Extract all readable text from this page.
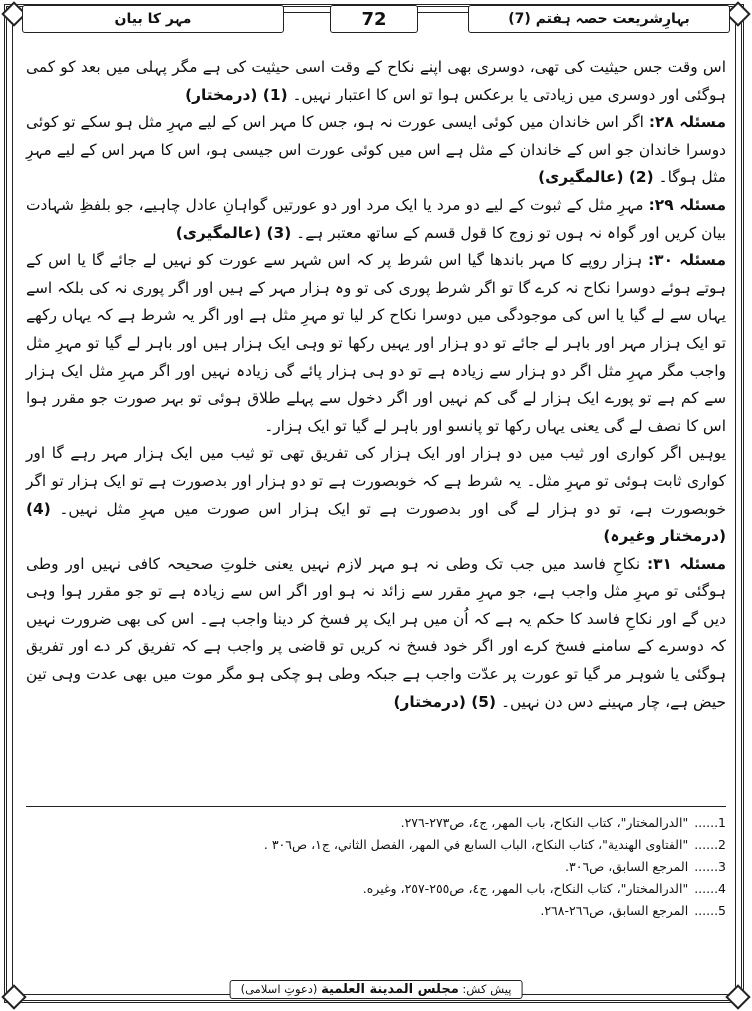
بہارِشریعت حصہ ہفتم (7)
72
مہر کا بیان

اس وقت جس حیثیت کی تھی، دوسری بھی اپنے نکاح کے وقت اسی حیثیت کی ہے مگر پہلی میں بعد کو کمی ہوگئی اور دوسری میں زیادتی یا برعکس ہوا تو اس کا اعتبار نہیں۔ (1) (درمختار)

مسئلہ ۲۸: اگر اس خاندان میں کوئی ایسی عورت نہ ہو، جس کا مہر اس کے لیے مہرِ مثل ہو سکے تو کوئی دوسرا خاندان جو اس کے خاندان کے مثل ہے اس میں کوئی عورت اس جیسی ہو، اس کا مہر اس کے لیے مہرِ مثل ہوگا۔ (2) (عالمگیری)

مسئلہ ۲۹: مہرِ مثل کے ثبوت کے لیے دو مرد یا ایک مرد اور دو عورتیں گواہانِ عادل چاہیے، جو بلفظِ شہادت بیان کریں اور گواہ نہ ہوں تو زوج کا قول قسم کے ساتھ معتبر ہے۔ (3) (عالمگیری)

مسئلہ ۳۰: ہزار روپے کا مہر باندھا گیا اس شرط پر کہ اس شہر سے عورت کو نہیں لے جائے گا یا اس کے ہوتے ہوئے دوسرا نکاح نہ کرے گا تو اگر شرط پوری کی تو وہ ہزار مہر کے ہیں اور اگر پوری نہ کی بلکہ اسے یہاں سے لے گیا یا اس کی موجودگی میں دوسرا نکاح کر لیا تو مہرِ مثل ہے اور اگر یہ شرط ہے کہ یہاں رکھے تو ایک ہزار مہر اور باہر لے جائے تو دو ہزار اور یہیں رکھا تو وہی ایک ہزار ہیں اور باہر لے گیا تو مہرِ مثل واجب مگر مہرِ مثل اگر دو ہزار سے زیادہ ہے تو دو ہی ہزار پائے گی زیادہ نہیں اور اگر مہرِ مثل ایک ہزار سے کم ہے تو پورے ایک ہزار لے گی کم نہیں اور اگر دخول سے پہلے طلاق ہوئی تو بہر صورت جو مقرر ہوا اس کا نصف لے گی یعنی یہاں رکھا تو پانسو اور باہر لے گیا تو ایک ہزار۔

یوہیں اگر کواری اور ثیب میں دو ہزار اور ایک ہزار کی تفریق تھی تو ثیب میں ایک ہزار مہر رہے گا اور کواری ثابت ہوئی تو مہرِ مثل۔ یہ شرط ہے کہ خوبصورت ہے تو دو ہزار اور بدصورت ہے تو ایک ہزار تو اگر خوبصورت ہے، تو دو ہزار لے گی اور بدصورت ہے تو ایک ہزار اس صورت میں مہرِ مثل نہیں۔ (4) (درمختار وغیرہ)

مسئلہ ۳۱: نکاحِ فاسد میں جب تک وطی نہ ہو مہر لازم نہیں یعنی خلوتِ صحیحہ کافی نہیں اور وطی ہوگئی تو مہرِ مثل واجب ہے، جو مہرِ مقرر سے زائد نہ ہو اور اگر اس سے زیادہ ہے تو جو مقرر ہوا وہی دیں گے اور نکاحِ فاسد کا حکم یہ ہے کہ اُن میں ہر ایک پر فسخ کر دینا واجب ہے۔ اس کی بھی ضرورت نہیں کہ دوسرے کے سامنے فسخ کرے اور اگر خود فسخ نہ کریں تو قاضی پر واجب ہے کہ تفریق کر دے اور تفریق ہوگئی یا شوہر مر گیا تو عورت پر عدّت واجب ہے جبکہ وطی ہو چکی ہو مگر موت میں بھی عدت وہی تین حیض ہے، چار مہینے دس دن نہیں۔ (5) (درمختار)

1......"الدرالمختار"، كتاب النكاح، باب المهر، ج٤، ص٢٧٣-٢٧٦.

2......"الفتاوى الهندية"، كتاب النكاح، الباب السابع في المهر، الفصل الثاني، ج١، ص٣٠٦ .

3......المرجع السابق، ص٣٠٦.

4......"الدرالمختار"، كتاب النكاح، باب المهر، ج٤، ص٢٥٥-٢٥٧، وغيره.

5......المرجع السابق، ص٢٦٦-٢٦٨.

پیش کش: مجلس المدينة العلمية (دعوتِ اسلامی)
